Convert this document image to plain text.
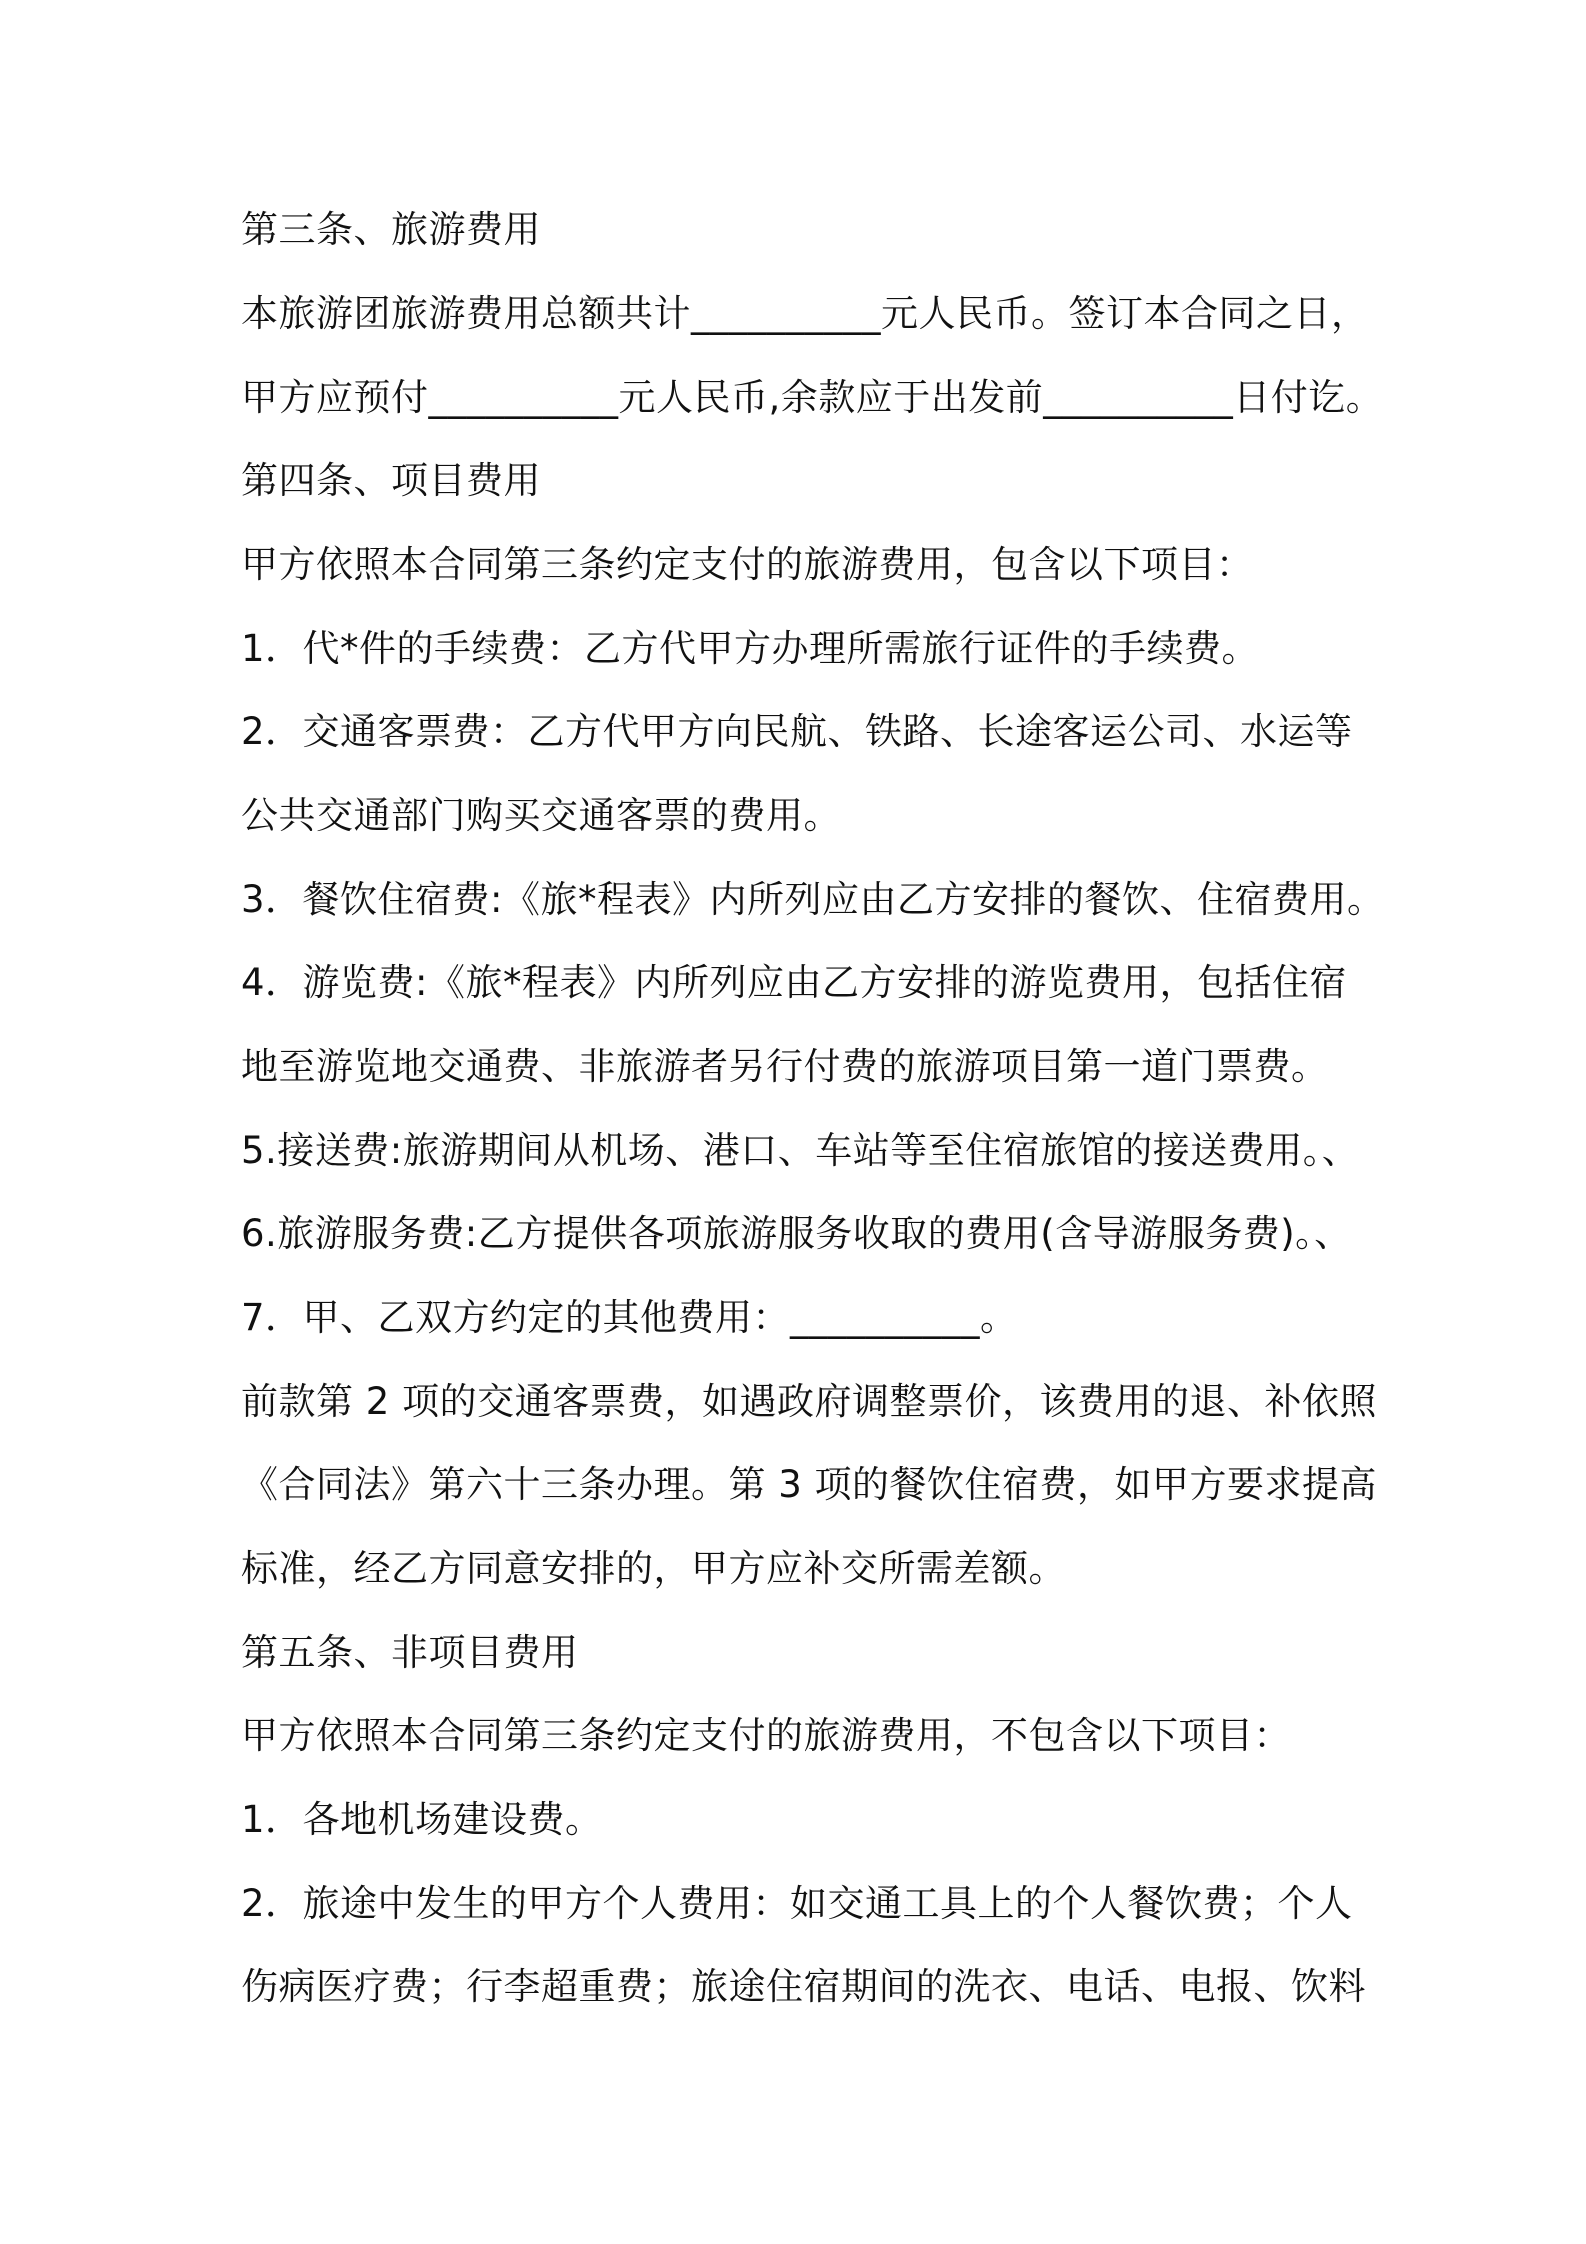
第三条、旅游费用
本旅游团旅游费用总额共计__________元人民币。签订本合同之日，
甲方应预付__________元人民币,余款应于出发前__________日付讫。
第四条、项目费用
甲方依照本合同第三条约定支付的旅游费用，包含以下项目：
1．代*件的手续费：乙方代甲方办理所需旅行证件的手续费。
2．交通客票费：乙方代甲方向民航、铁路、长途客运公司、水运等
公共交通部门购买交通客票的费用。
3．餐饮住宿费:《旅*程表》内所列应由乙方安排的餐饮、住宿费用。
4．游览费:《旅*程表》内所列应由乙方安排的游览费用，包括住宿
地至游览地交通费、非旅游者另行付费的旅游项目第一道门票费。
5.接送费:旅游期间从机场、港口、车站等至住宿旅馆的接送费用。、
6.旅游服务费:乙方提供各项旅游服务收取的费用(含导游服务费)。、
7．甲、乙双方约定的其他费用：__________。
前款第 2 项的交通客票费，如遇政府调整票价，该费用的退、补依照
《合同法》第六十三条办理。第 3 项的餐饮住宿费，如甲方要求提高
标准，经乙方同意安排的，甲方应补交所需差额。
第五条、非项目费用
甲方依照本合同第三条约定支付的旅游费用，不包含以下项目：
1．各地机场建设费。
2．旅途中发生的甲方个人费用：如交通工具上的个人餐饮费；个人
伤病医疗费；行李超重费；旅途住宿期间的洗衣、电话、电报、饮料
